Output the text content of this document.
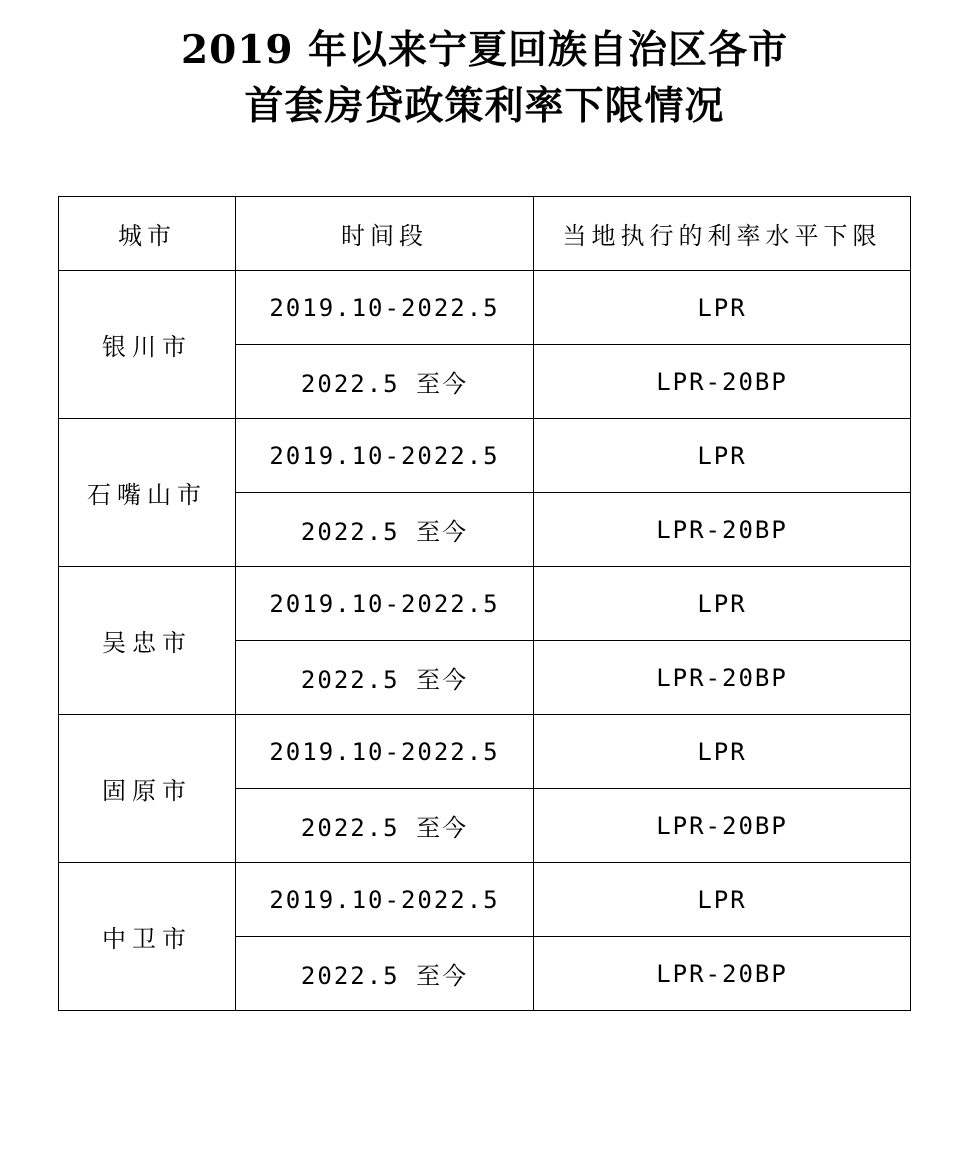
2019 年以来宁夏回族自治区各市
首套房贷政策利率下限情况
城市	时间段	当地执行的利率水平下限
银川市	2019.10-2022.5	LPR
	2022.5 至今	LPR-20BP
石嘴山市	2019.10-2022.5	LPR
	2022.5 至今	LPR-20BP
吴忠市	2019.10-2022.5	LPR
	2022.5 至今	LPR-20BP
固原市	2019.10-2022.5	LPR
	2022.5 至今	LPR-20BP
中卫市	2019.10-2022.5	LPR
	2022.5 至今	LPR-20BP
